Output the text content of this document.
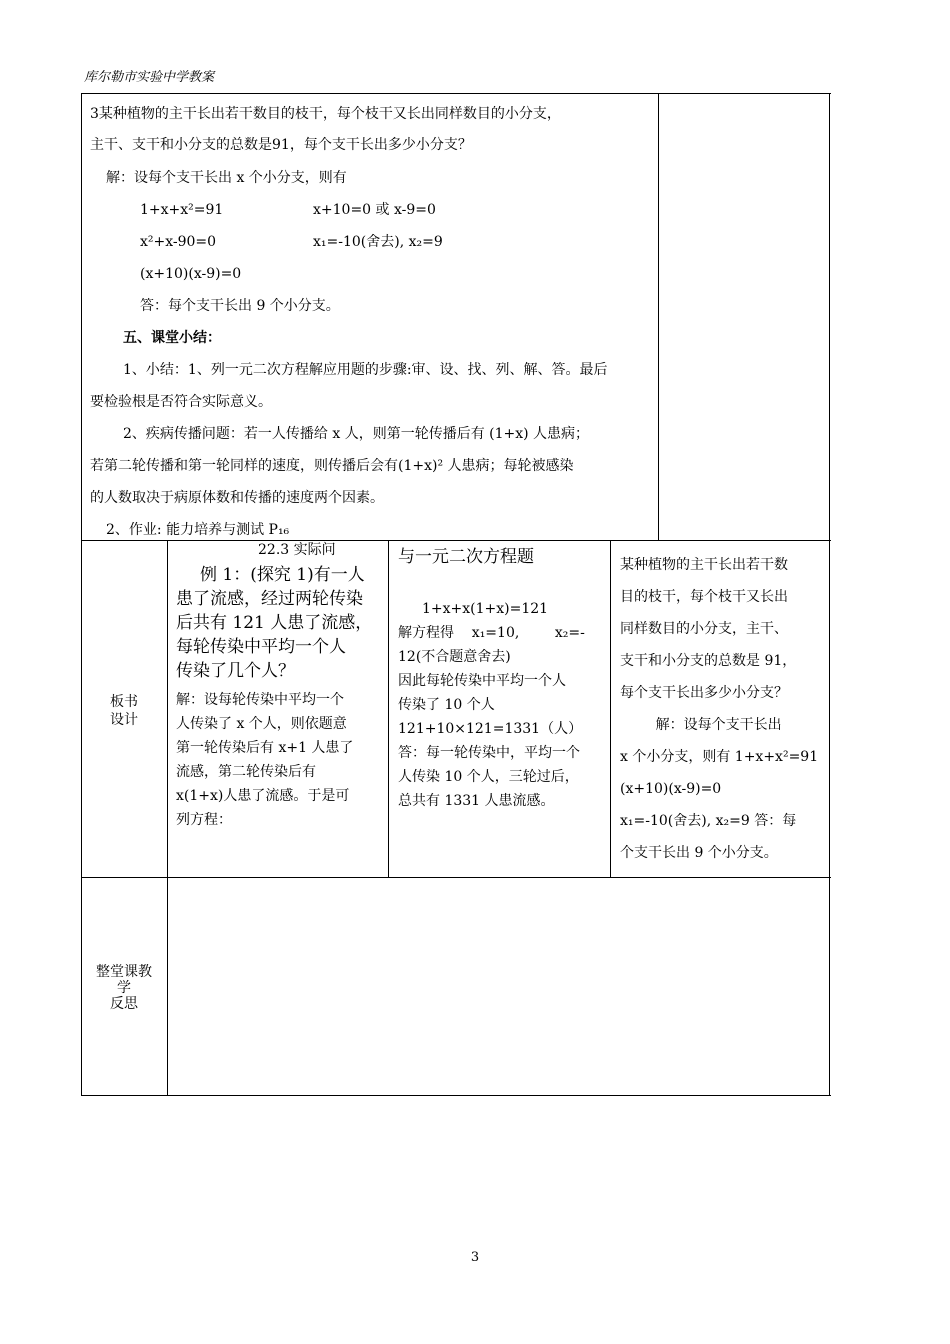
库尔勒市实验中学教案
3某种植物的主干长出若干数目的枝干，每个枝干又长出同样数目的小分支，
主干、支干和小分支的总数是91，每个支干长出多少小分支？
解：设每个支干长出 x 个小分支，则有
1+x+x²=91	x+10=0 或 x-9=0
x²+x-90=0	x₁=-10(舍去), x₂=9
(x+10)(x-9)=0
答：每个支干长出 9 个小分支。
五、课堂小结：
1、小结：1、列一元二次方程解应用题的步骤:审、设、找、列、解、答。最后
要检验根是否符合实际意义。
2、疾病传播问题：若一人传播给 x 人，则第一轮传播后有 (1+x) 人患病；
若第二轮传播和第一轮同样的速度，则传播后会有(1+x)² 人患病；每轮被感染
的人数取决于病原体数和传播的速度两个因素。
2、作业: 能力培养与测试 P₁₆
板书
设计
22.3 实际问
例 1：(探究 1)有一人
患了流感，经过两轮传染
后共有 121 人患了流感，
每轮传染中平均一个人
传染了几个人？
解：设每轮传染中平均一个
人传染了 x 个人，则依题意
第一轮传染后有 x+1 人患了
流感，第二轮传染后有
x(1+x)人患了流感。于是可
列方程：
与一元二次方程题
1+x+x(1+x)=121
解方程得    x₁=10,        x₂=-
12(不合题意舍去)
因此每轮传染中平均一个人
传染了 10 个人
121+10×121=1331（人）
答：每一轮传染中，平均一个
人传染 10 个人，三轮过后，
总共有 1331 人患流感。
某种植物的主干长出若干数
目的枝干，每个枝干又长出
同样数目的小分支，主干、
支干和小分支的总数是 91，
每个支干长出多少小分支？
解：设每个支干长出
x 个小分支，则有 1+x+x²=91
(x+10)(x-9)=0
x₁=-10(舍去), x₂=9 答：每
个支干长出 9 个小分支。
整堂课教
学
反思
3
